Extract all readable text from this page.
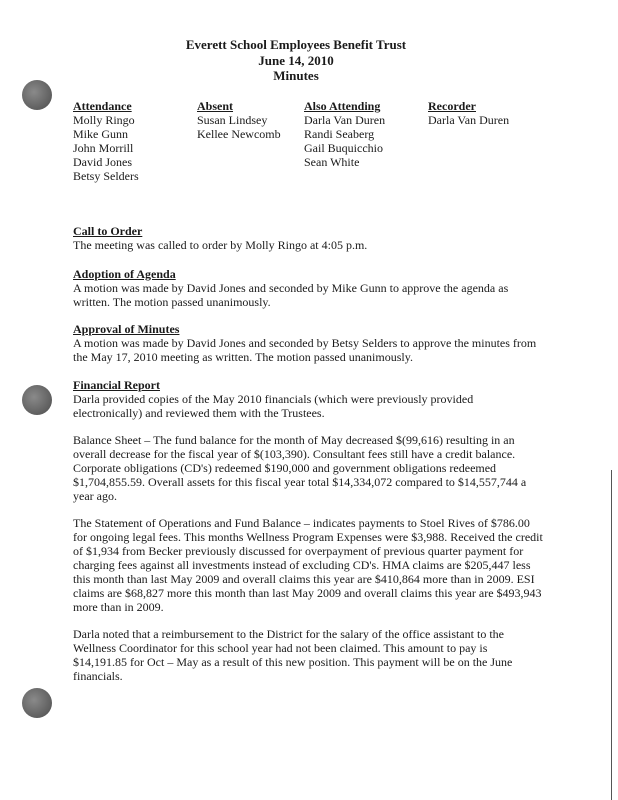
Everett School Employees Benefit Trust
June 14, 2010
Minutes
Attendance
Molly Ringo
Mike Gunn
John Morrill
David Jones
Betsy Selders
Absent
Susan Lindsey
Kellee Newcomb
Also Attending
Darla Van Duren
Randi Seaberg
Gail Buquicchio
Sean White
Recorder
Darla Van Duren
Call to Order
The meeting was called to order by Molly Ringo at 4:05 p.m.
Adoption of Agenda
A motion was made by David Jones and seconded by Mike Gunn to approve the agenda as written. The motion passed unanimously.
Approval of Minutes
A motion was made by David Jones and seconded by Betsy Selders to approve the minutes from the May 17, 2010 meeting as written. The motion passed unanimously.
Financial Report
Darla provided copies of the May 2010 financials (which were previously provided electronically) and reviewed them with the Trustees.
Balance Sheet – The fund balance for the month of May decreased $(99,616) resulting in an overall decrease for the fiscal year of $(103,390). Consultant fees still have a credit balance. Corporate obligations (CD's) redeemed $190,000 and government obligations redeemed $1,704,855.59. Overall assets for this fiscal year total $14,334,072 compared to $14,557,744 a year ago.
The Statement of Operations and Fund Balance – indicates payments to Stoel Rives of $786.00 for ongoing legal fees. This months Wellness Program Expenses were $3,988. Received the credit of $1,934 from Becker previously discussed for overpayment of previous quarter payment for charging fees against all investments instead of excluding CD's. HMA claims are $205,447 less this month than last May 2009 and overall claims this year are $410,864 more than in 2009. ESI claims are $68,827 more this month than last May 2009 and overall claims this year are $493,943 more than in 2009.
Darla noted that a reimbursement to the District for the salary of the office assistant to the Wellness Coordinator for this school year had not been claimed. This amount to pay is $14,191.85 for Oct – May as a result of this new position. This payment will be on the June financials.
